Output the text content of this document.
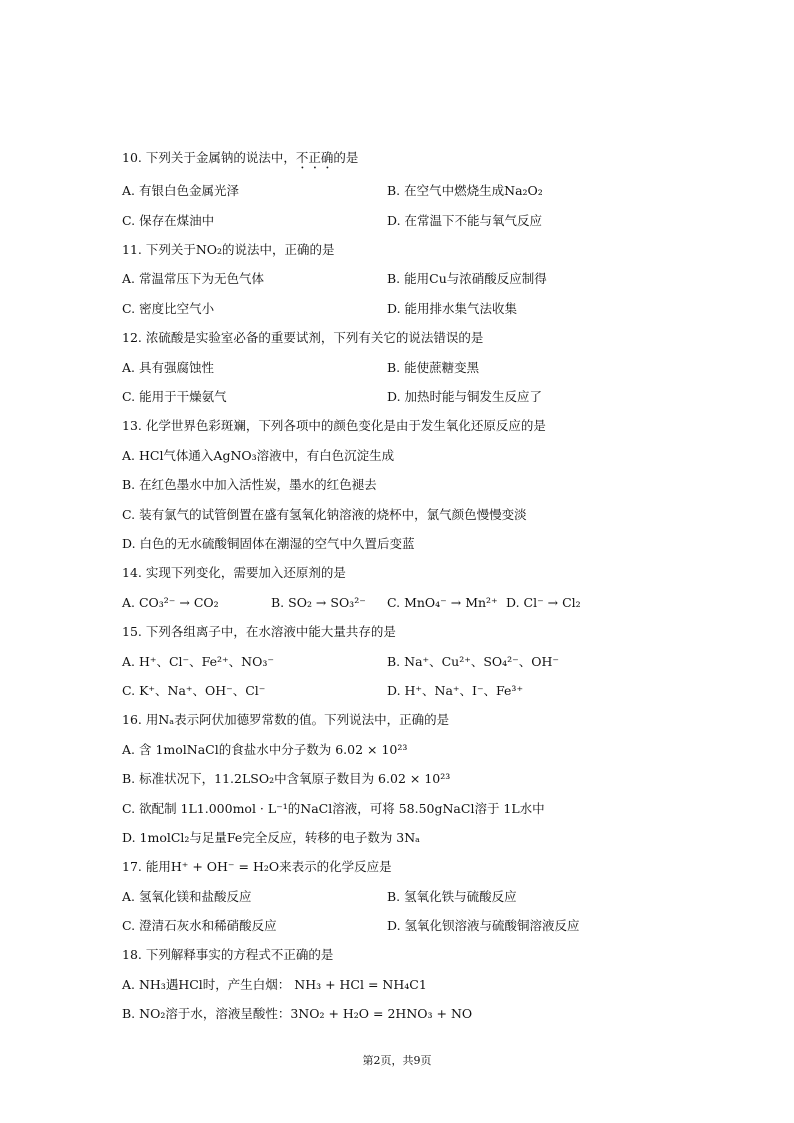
10. 下列关于金属钠的说法中，不正确的是
A. 有银白色金属光泽	B. 在空气中燃烧生成Na₂O₂
C. 保存在煤油中	D. 在常温下不能与氧气反应
11. 下列关于NO₂的说法中，正确的是
A. 常温常压下为无色气体	B. 能用Cu与浓硝酸反应制得
C. 密度比空气小	D. 能用排水集气法收集
12. 浓硫酸是实验室必备的重要试剂，下列有关它的说法错误的是
A. 具有强腐蚀性	B. 能使蔗糖变黑
C. 能用于干燥氨气	D. 加热时能与铜发生反应了
13. 化学世界色彩斑斓，下列各项中的颜色变化是由于发生氧化还原反应的是
A. HCl气体通入AgNO₃溶液中，有白色沉淀生成
B. 在红色墨水中加入活性炭，墨水的红色褪去
C. 装有氯气的试管倒置在盛有氢氧化钠溶液的烧杯中，氯气颜色慢慢变淡
D. 白色的无水硫酸铜固体在潮湿的空气中久置后变蓝
14. 实现下列变化，需要加入还原剂的是
A. CO₃²⁻ → CO₂	B. SO₂ → SO₃²⁻ C. MnO₄⁻ → Mn²⁺ D. Cl⁻ → Cl₂
15. 下列各组离子中，在水溶液中能大量共存的是
A. H⁺、Cl⁻、Fe²⁺、NO₃⁻	B. Na⁺、Cu²⁺、SO₄²⁻、OH⁻
C. K⁺、Na⁺、OH⁻、Cl⁻	D. H⁺、Na⁺、I⁻、Fe³⁺
16. 用Nₐ表示阿伏加德罗常数的值。下列说法中，正确的是
A. 含 1molNaCl的食盐水中分子数为 6.02 × 10²³
B. 标准状况下，11.2LSO₂中含氧原子数目为 6.02 × 10²³
C. 欲配制 1L1.000mol · L⁻¹的NaCl溶液，可将 58.50gNaCl溶于 1L水中
D. 1molCl₂与足量Fe完全反应，转移的电子数为 3Nₐ
17. 能用H⁺ + OH⁻ = H₂O来表示的化学反应是
A. 氢氧化镁和盐酸反应	B. 氢氧化铁与硫酸反应
C. 澄清石灰水和稀硝酸反应	D. 氢氧化钡溶液与硫酸铜溶液反应
18. 下列解释事实的方程式不正确的是
A. NH₃遇HCl时，产生白烟： NH₃ + HCl = NH₄C1
B. NO₂溶于水，溶液呈酸性：3NO₂ + H₂O = 2HNO₃ + NO
第2页，共9页
